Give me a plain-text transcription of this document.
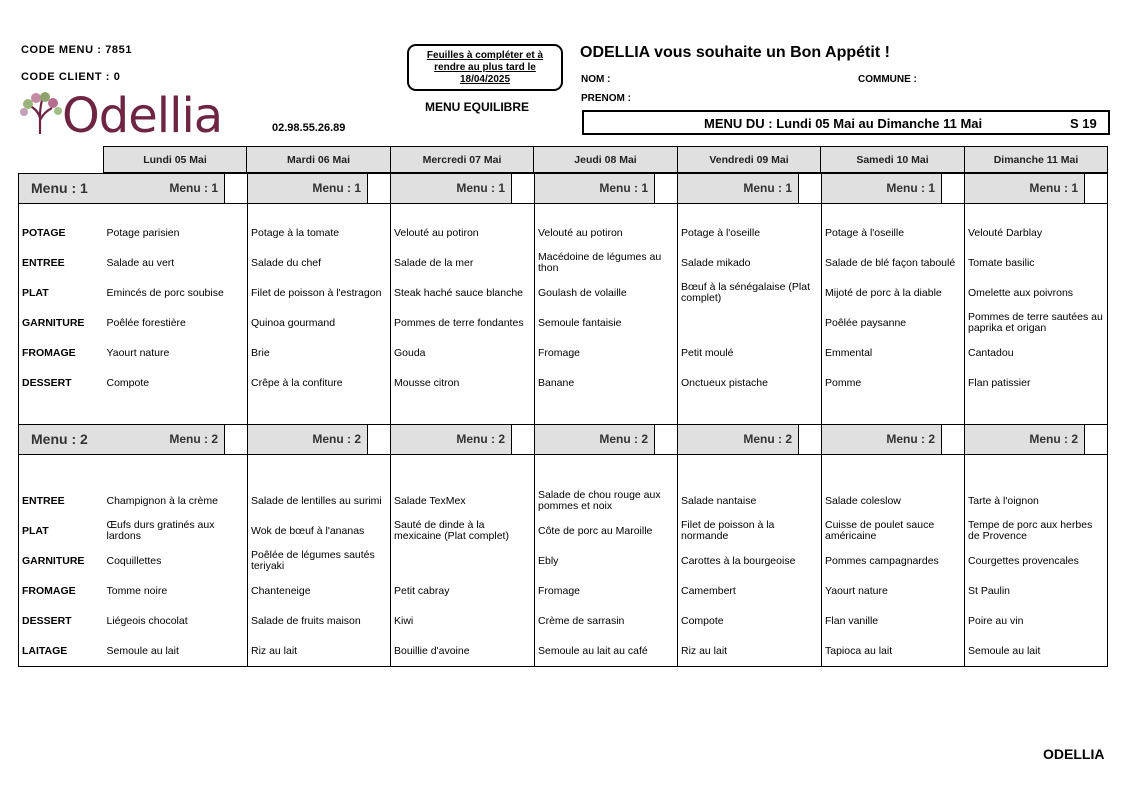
CODE MENU : 7851
CODE CLIENT : 0
Odellia	02.98.55.26.89
Feuilles à compléter et à
rendre au plus tard le
18/04/2025
MENU EQUILIBRE
ODELLIA vous souhaite un Bon Appétit !
NOM :	COMMUNE :
PRENOM :
MENU DU : Lundi 05 Mai au Dimanche 11 Mai	S 19
Lundi 05 Mai	Mardi 06 Mai	Mercredi 07 Mai	Jeudi 08 Mai	Vendredi 09 Mai	Samedi 10 Mai	Dimanche 11 Mai
Menu : 1 Menu : 1		Menu : 1	Menu : 1	Menu : 1	Menu : 1	Menu : 1	Menu : 1

POTAGE	Potage parisien	Potage à la tomate	Velouté au potiron	Velouté au potiron	Potage à l'oseille	Potage à l'oseille	Velouté Darblay
ENTREE	Salade au vert	Salade du chef	Salade de la mer	Macédoine de légumes au thon	Salade mikado	Salade de blé façon taboulé	Tomate basilic
PLAT	Emincés de porc soubise	Filet de poisson à l'estragon	Steak haché sauce blanche	Goulash de volaille	Bœuf à la sénégalaise (Plat complet)	Mijoté de porc à la diable	Omelette aux poivrons
GARNITURE	Poêlée forestière	Quinoa gourmand	Pommes de terre fondantes	Semoule fantaisie		Poêlée paysanne	Pommes de terre sautées au paprika et origan
FROMAGE	Yaourt nature	Brie	Gouda	Fromage	Petit moulé	Emmental	Cantadou
DESSERT	Compote	Crêpe à la confiture	Mousse citron	Banane	Onctueux pistache	Pomme	Flan patissier

Menu : 2 Menu : 2		Menu : 2	Menu : 2	Menu : 2	Menu : 2	Menu : 2	Menu : 2

ENTREE	Champignon à la crème	Salade de lentilles au surimi	Salade TexMex	Salade de chou rouge aux pommes et noix	Salade nantaise	Salade coleslow	Tarte à l'oignon
PLAT	Œufs durs gratinés aux lardons	Wok de bœuf à l'ananas	Sauté de dinde à la mexicaine (Plat complet)	Côte de porc au Maroille	Filet de poisson à la normande	Cuisse de poulet sauce américaine	Tempe de porc aux herbes de Provence
GARNITURE	Coquillettes	Poêlée de légumes sautés teriyaki		Ebly	Carottes à la bourgeoise	Pommes campagnardes	Courgettes provencales
FROMAGE	Tomme noire	Chanteneige	Petit cabray	Fromage	Camembert	Yaourt nature	St Paulin
DESSERT	Liégeois chocolat	Salade de fruits maison	Kiwi	Crème de sarrasin	Compote	Flan vanille	Poire au vin
LAITAGE	Semoule au lait	Riz au lait	Bouillie d'avoine	Semoule au lait au café	Riz au lait	Tapioca au lait	Semoule au lait
ODELLIA
